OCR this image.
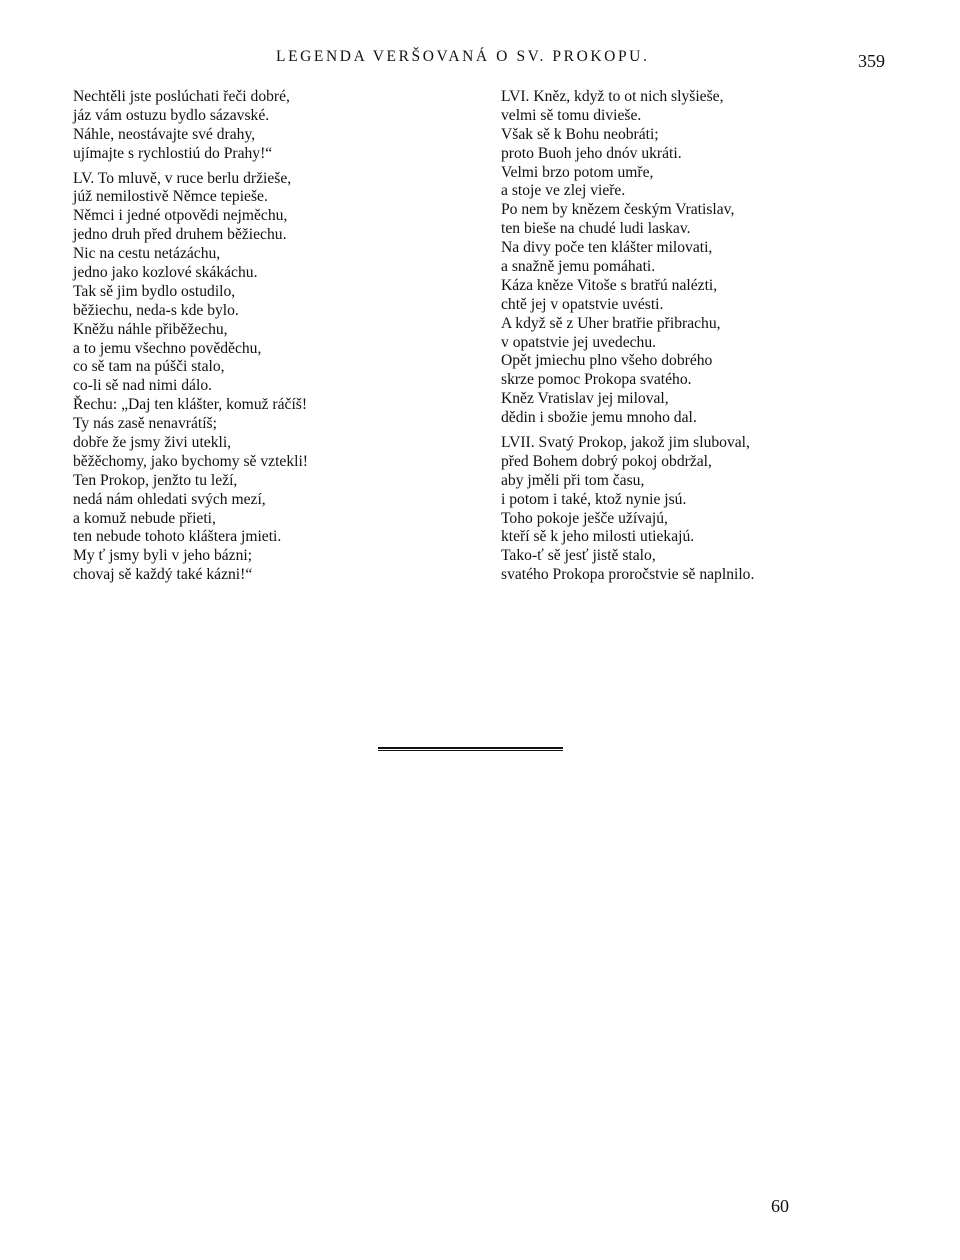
LEGENDA VERŠOVANÁ O SV. PROKOPU.	359
Nechtěli jste poslúchati řeči dobré,
jáz vám ostuzu bydlo sázavské.
Náhle, neostávajte své drahy,
ujímajte s rychlostiú do Prahy!“
LV. To mluvě, v ruce berlu držieše,
júž nemilostivě Němce tepieše.
Němci i jedné otpovědi nejměchu,
jedno druh před druhem běžiechu.
Nic na cestu netázáchu,
jedno jako kozlové skákáchu.
Tak sě jim bydlo ostudilo,
běžiechu, neda-s kde bylo.
Kněžu náhle přiběžechu,
a to jemu všechno pověděchu,
co sě tam na púšči stalo,
co-li sě nad nimi dálo.
Řechu: „Daj ten klášter, komuž ráčíš!
Ty nás zasě nenavrátíš;
dobře že jsmy živi utekli,
běžěchomy, jako bychomy sě vztekli!
Ten Prokop, jenžto tu leží,
nedá nám ohledati svých mezí,
a komuž nebude přieti,
ten nebude tohoto kláštera jmieti.
My ť jsmy byli v jeho bázni;
chovaj sě každý také kázni!“
LVI. Kněz, když to ot nich slyšieše,
velmi sě tomu divieše.
Však sě k Bohu neobráti;
proto Buoh jeho dnóv ukráti.
Velmi brzo potom umře,
a stoje ve zlej vieře.
Po nem by knězem českým Vratislav,
ten bieše na chudé ludi laskav.
Na divy poče ten klášter milovati,
a snažně jemu pomáhati.
Káza kněze Vitoše s bratřú nalézti,
chtě jej v opatstvie uvésti.
A když sě z Uher bratřie přibrachu,
v opatstvie jej uvedechu.
Opět jmiechu plno všeho dobrého
skrze pomoc Prokopa svatého.
Kněz Vratislav jej miloval,
dědin i sbožie jemu mnoho dal.
LVII. Svatý Prokop, jakož jim sluboval,
před Bohem dobrý pokoj obdržal,
aby jměli při tom času,
i potom i také, ktož nynie jsú.
Toho pokoje ješče užívajú,
kteří sě k jeho milosti utiekajú.
Tako-ť sě jesť jistě stalo,
svatého Prokopa proročstvie sě naplnilo.
60
